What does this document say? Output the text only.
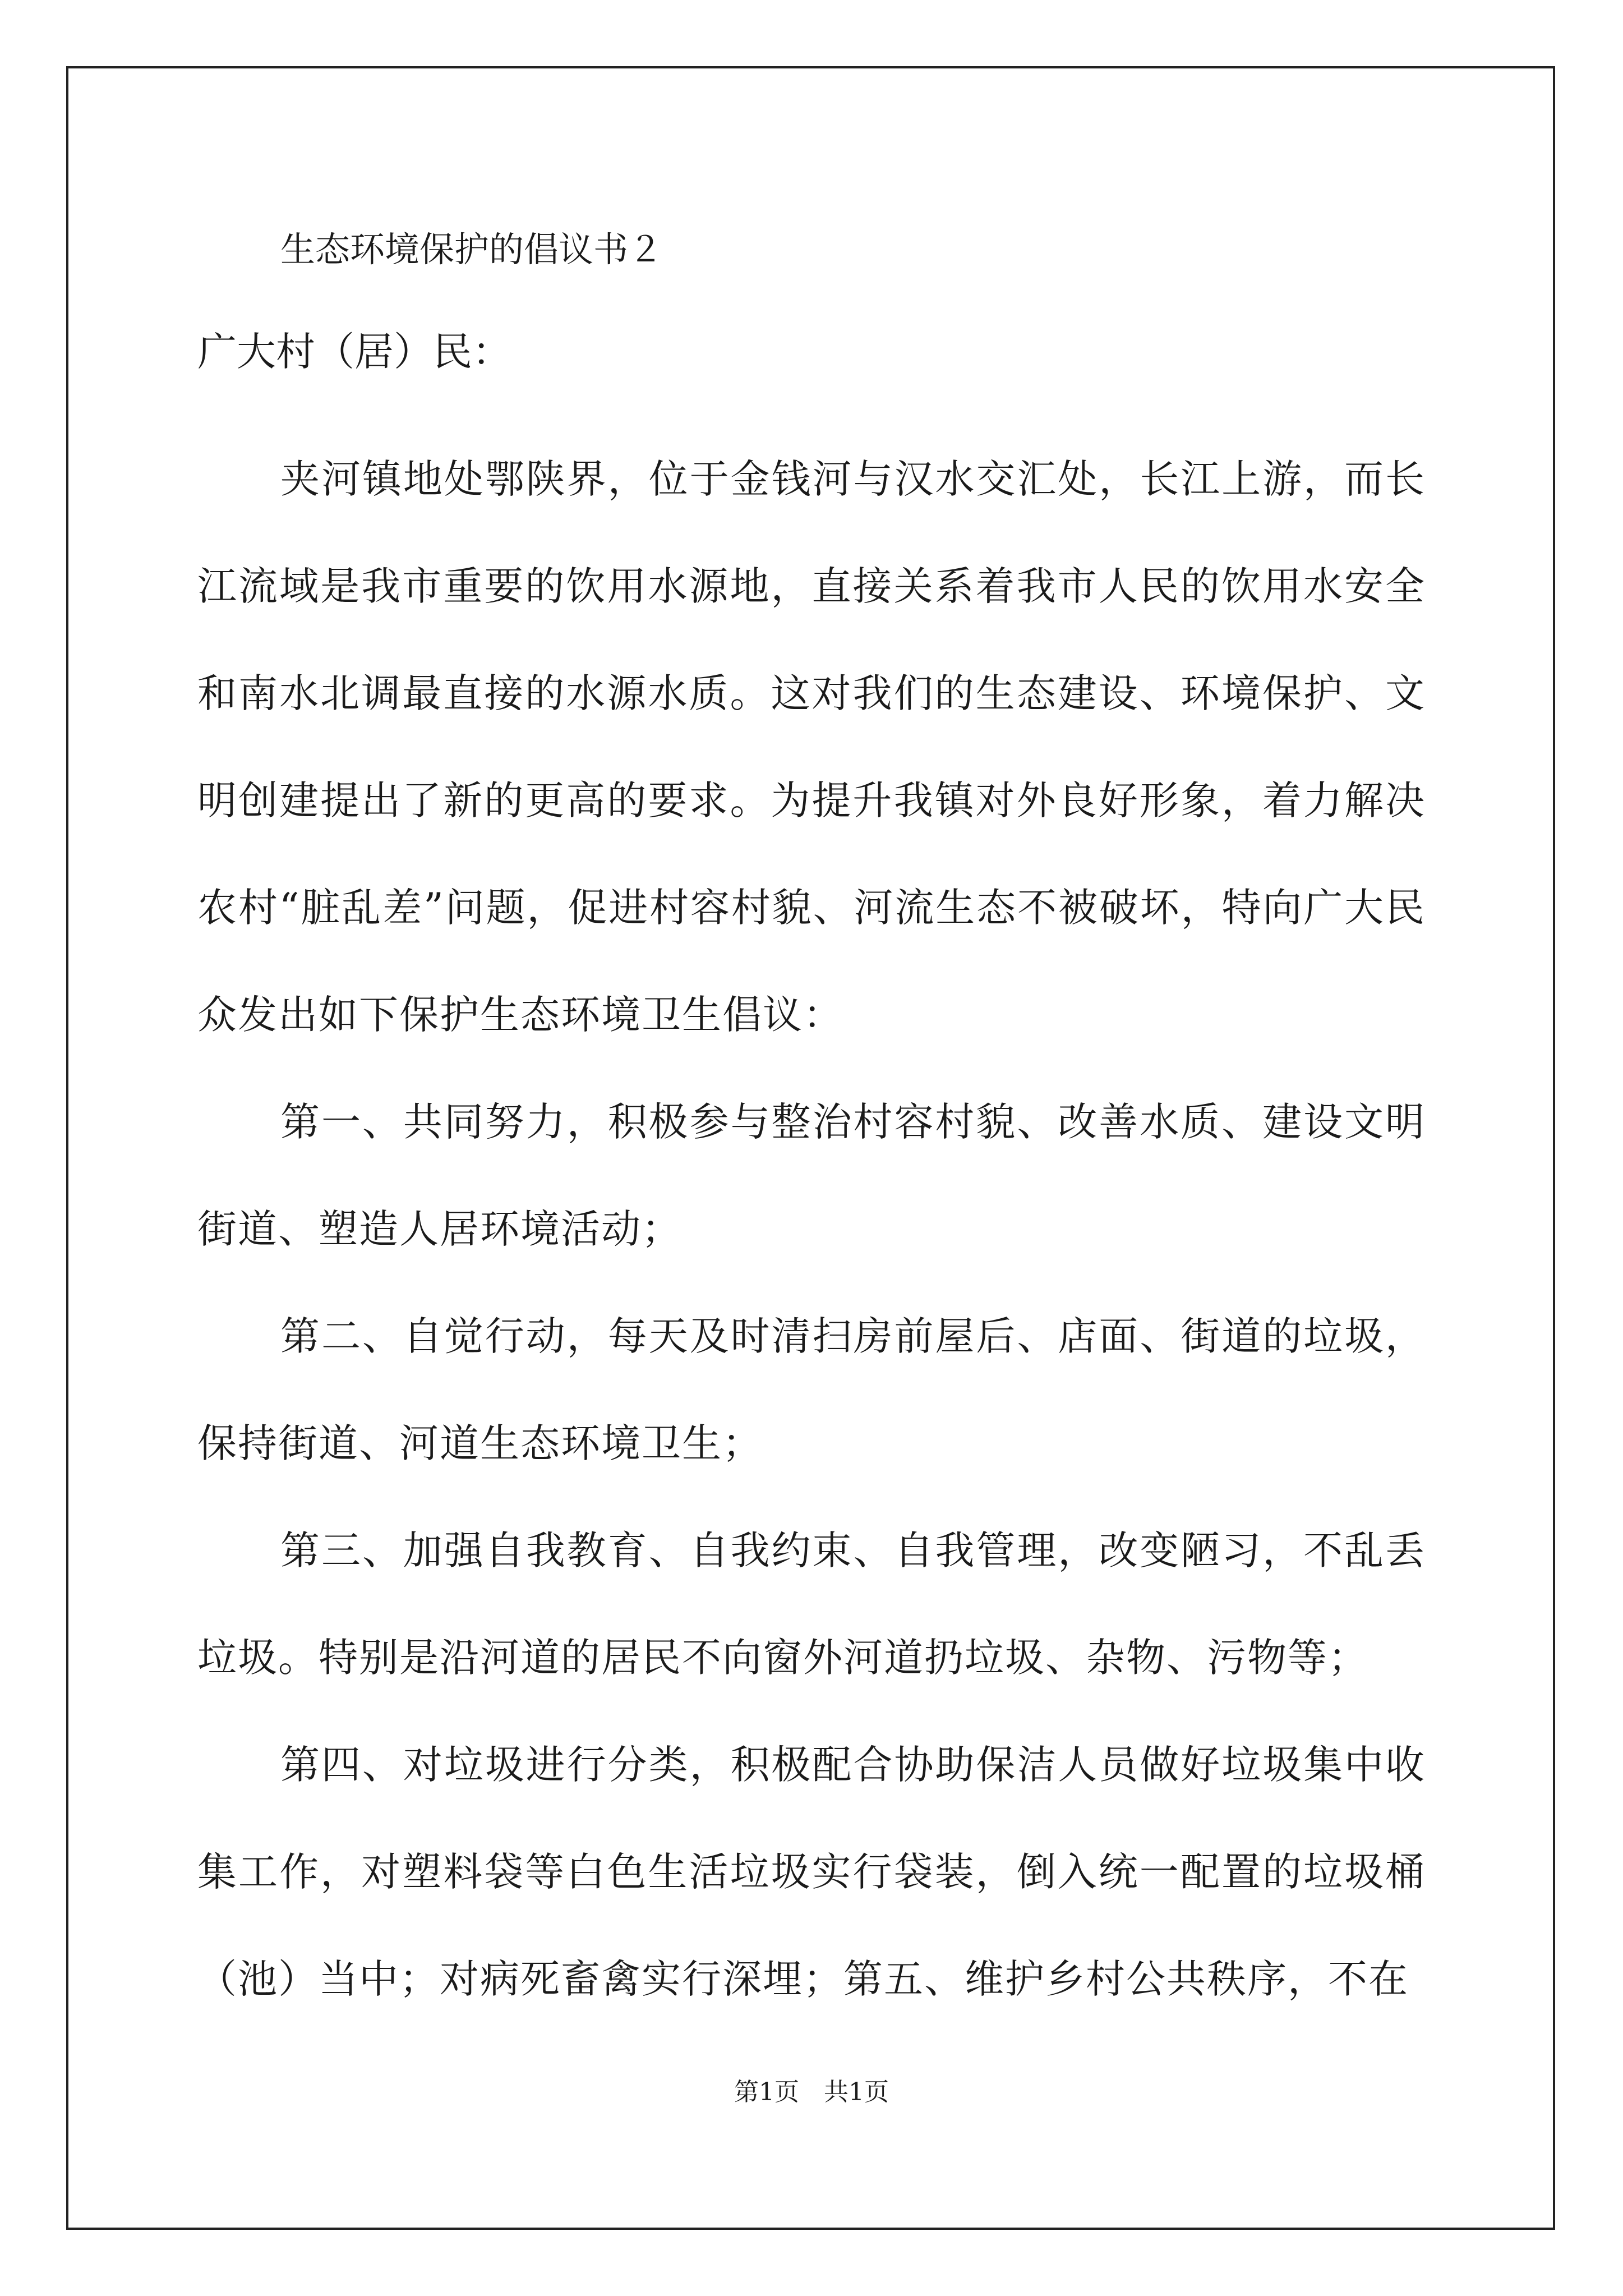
生态环境保护的倡议书２
广大村（居）民：

夹河镇地处鄂陕界，位于金钱河与汉水交汇处，长江上游，而长江流域是我市重要的饮用水源地，直接关系着我市人民的饮用水安全和南水北调最直接的水源水质。这对我们的生态建设、环境保护、文明创建提出了新的更高的要求。为提升我镇对外良好形象，着力解决农村“脏乱差”问题，促进村容村貌、河流生态不被破坏，特向广大民众发出如下保护生态环境卫生倡议：

第一、共同努力，积极参与整治村容村貌、改善水质、建设文明街道、塑造人居环境活动；

第二、自觉行动，每天及时清扫房前屋后、店面、街道的垃圾，保持街道、河道生态环境卫生；

第三、加强自我教育、自我约束、自我管理，改变陋习，不乱丢垃圾。特别是沿河道的居民不向窗外河道扔垃圾、杂物、污物等；

第四、对垃圾进行分类，积极配合协助保洁人员做好垃圾集中收集工作，对塑料袋等白色生活垃圾实行袋装，倒入统一配置的垃圾桶（池）当中；对病死畜禽实行深埋；第五、维护乡村公共秩序，不在

第1页　共1页
